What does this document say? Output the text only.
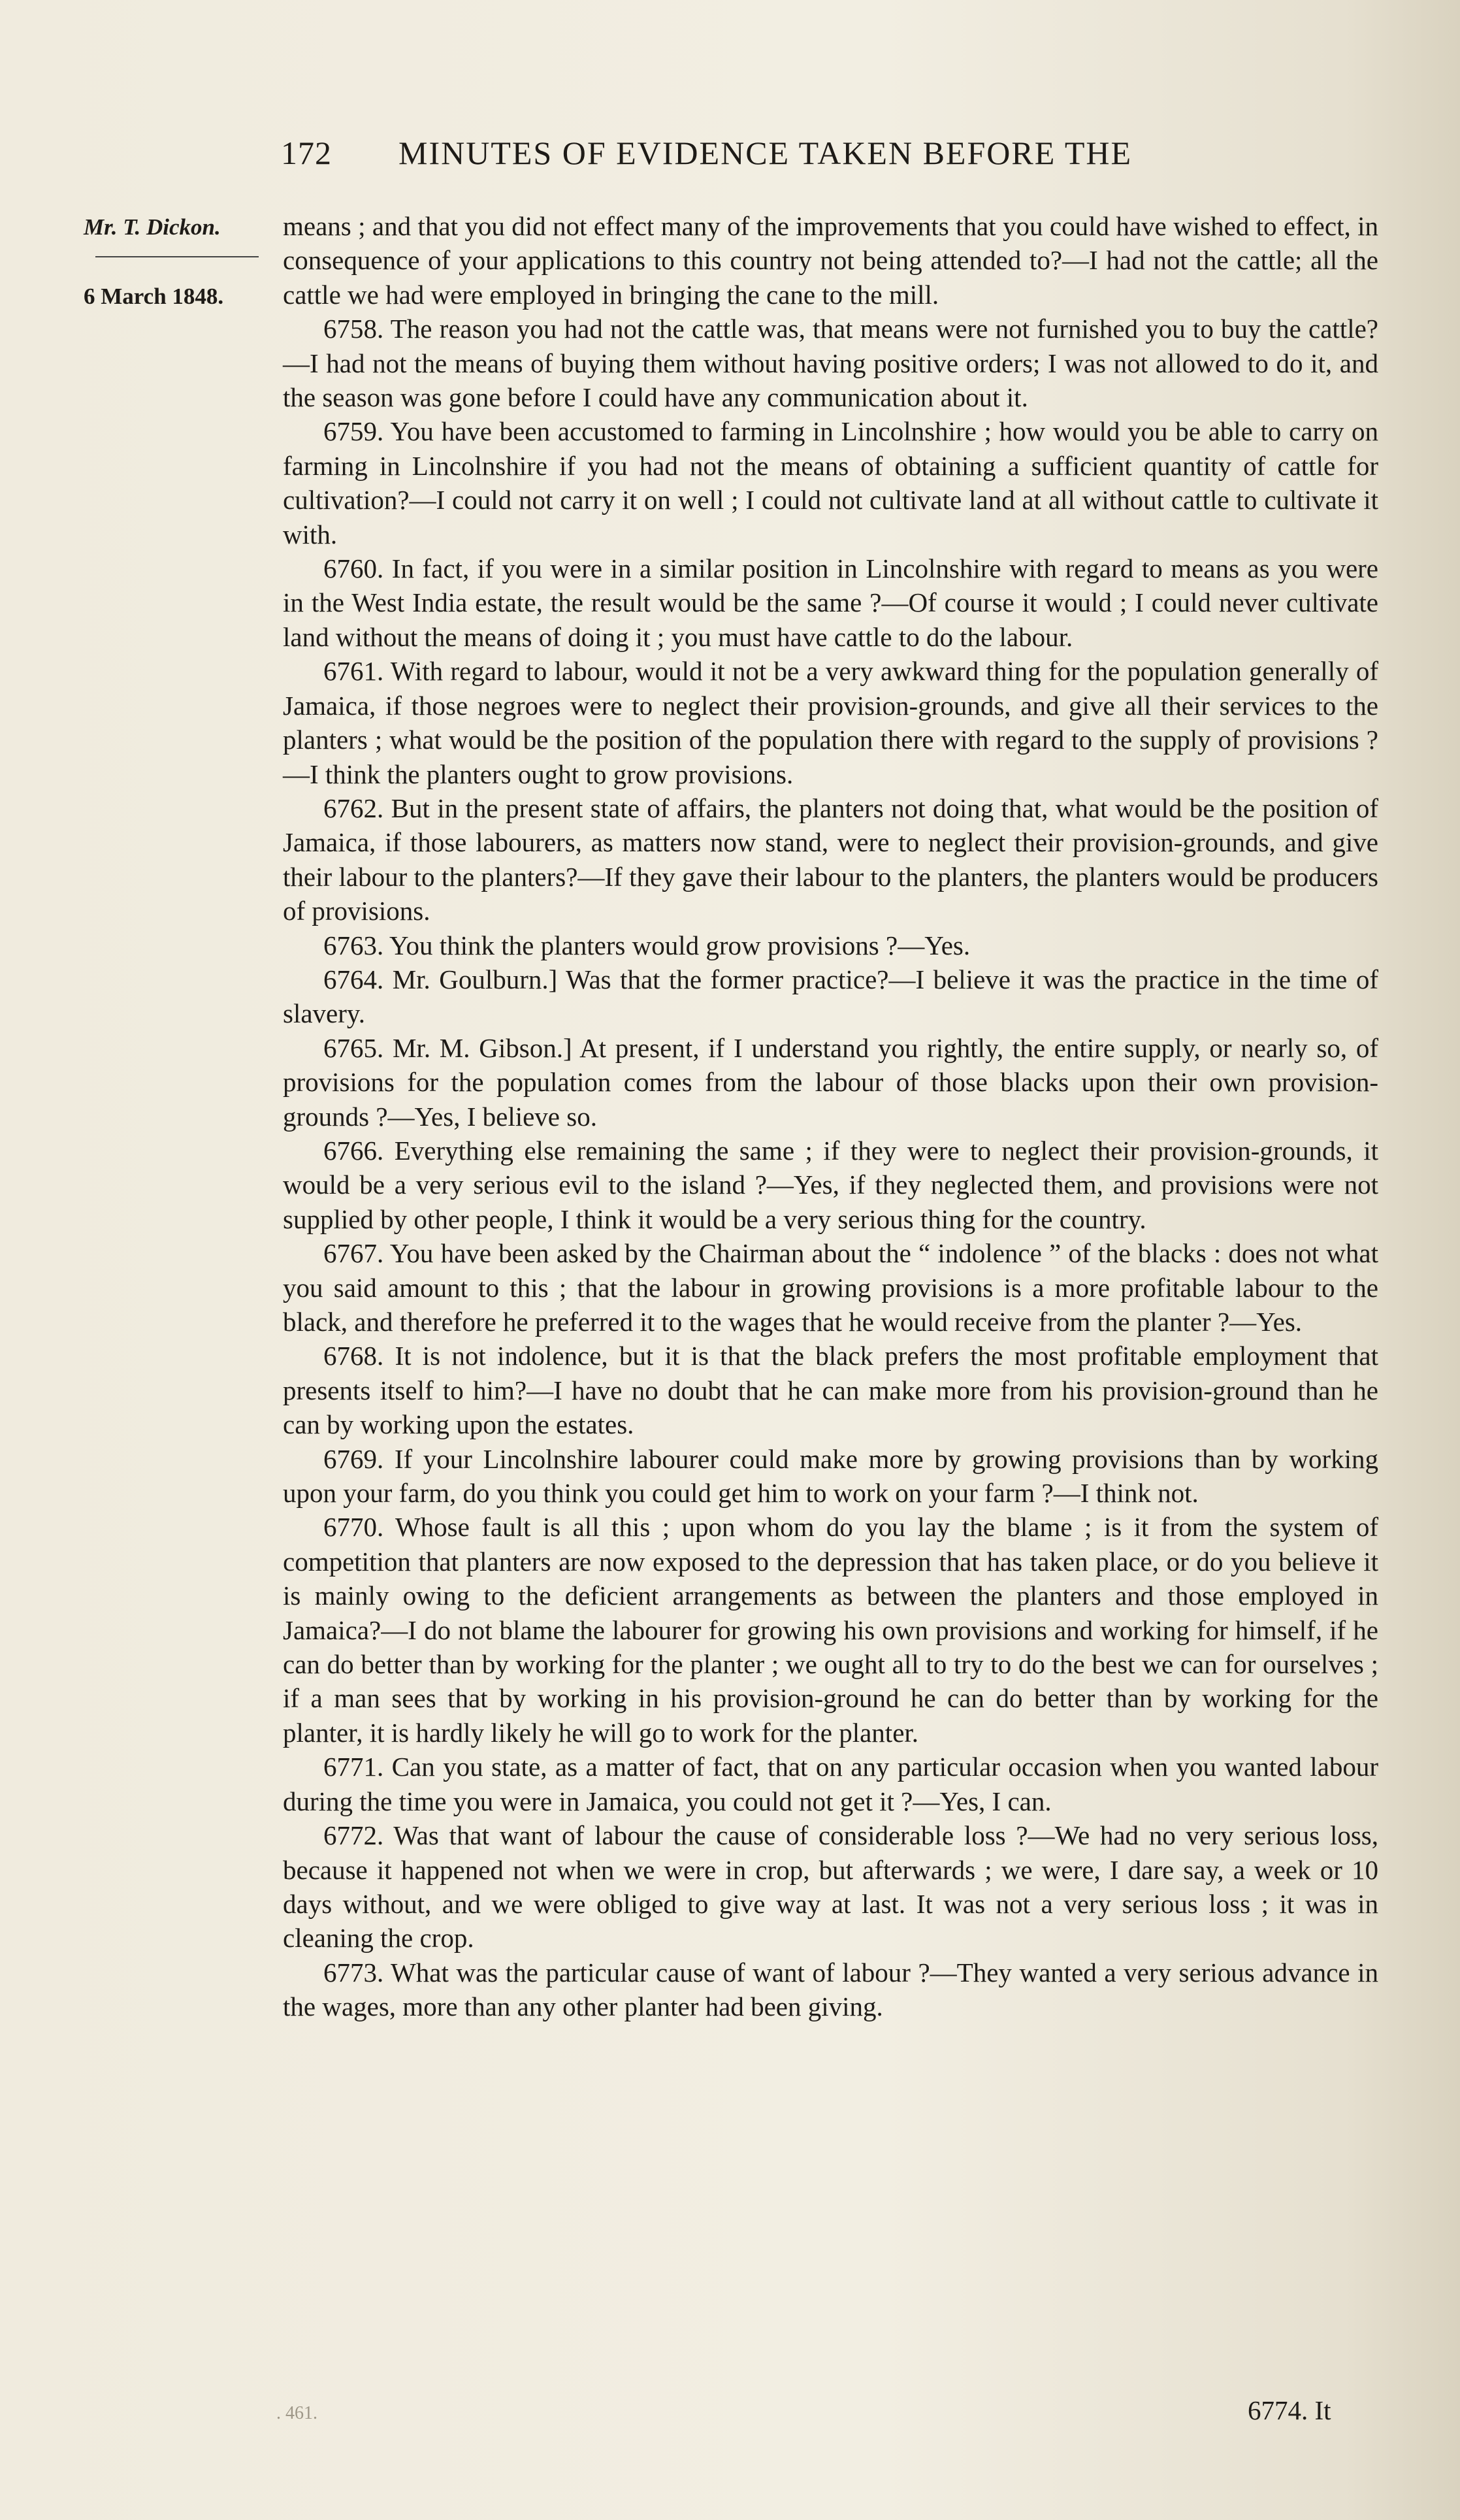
172 MINUTES OF EVIDENCE TAKEN BEFORE THE
Mr. T. Dickon.
6 March 1848.

means ; and that you did not effect many of the improvements that you could have wished to effect, in consequence of your applications to this country not being attended to?—I had not the cattle; all the cattle we had were employed in bringing the cane to the mill.

6758. The reason you had not the cattle was, that means were not furnished you to buy the cattle?—I had not the means of buying them without having positive orders; I was not allowed to do it, and the season was gone before I could have any communication about it.

6759. You have been accustomed to farming in Lincolnshire ; how would you be able to carry on farming in Lincolnshire if you had not the means of obtaining a sufficient quantity of cattle for cultivation?—I could not carry it on well ; I could not cultivate land at all without cattle to cultivate it with.

6760. In fact, if you were in a similar position in Lincolnshire with regard to means as you were in the West India estate, the result would be the same ?—Of course it would ; I could never cultivate land without the means of doing it ; you must have cattle to do the labour.

6761. With regard to labour, would it not be a very awkward thing for the population generally of Jamaica, if those negroes were to neglect their provision-grounds, and give all their services to the planters ; what would be the position of the population there with regard to the supply of provisions ?—I think the planters ought to grow provisions.

6762. But in the present state of affairs, the planters not doing that, what would be the position of Jamaica, if those labourers, as matters now stand, were to neglect their provision-grounds, and give their labour to the planters?—If they gave their labour to the planters, the planters would be producers of provisions.

6763. You think the planters would grow provisions ?—Yes.

6764. Mr. Goulburn.] Was that the former practice?—I believe it was the practice in the time of slavery.

6765. Mr. M. Gibson.] At present, if I understand you rightly, the entire supply, or nearly so, of provisions for the population comes from the labour of those blacks upon their own provision-grounds ?—Yes, I believe so.

6766. Everything else remaining the same ; if they were to neglect their provision-grounds, it would be a very serious evil to the island ?—Yes, if they neglected them, and provisions were not supplied by other people, I think it would be a very serious thing for the country.

6767. You have been asked by the Chairman about the “ indolence ” of the blacks : does not what you said amount to this ; that the labour in growing provisions is a more profitable labour to the black, and therefore he preferred it to the wages that he would receive from the planter ?—Yes.

6768. It is not indolence, but it is that the black prefers the most profitable employment that presents itself to him?—I have no doubt that he can make more from his provision-ground than he can by working upon the estates.

6769. If your Lincolnshire labourer could make more by growing provisions than by working upon your farm, do you think you could get him to work on your farm ?—I think not.

6770. Whose fault is all this ; upon whom do you lay the blame ; is it from the system of competition that planters are now exposed to the depression that has taken place, or do you believe it is mainly owing to the deficient arrangements as between the planters and those employed in Jamaica?—I do not blame the labourer for growing his own provisions and working for himself, if he can do better than by working for the planter ; we ought all to try to do the best we can for ourselves ; if a man sees that by working in his provision-ground he can do better than by working for the planter, it is hardly likely he will go to work for the planter.

6771. Can you state, as a matter of fact, that on any particular occasion when you wanted labour during the time you were in Jamaica, you could not get it ?—Yes, I can.

6772. Was that want of labour the cause of considerable loss ?—We had no very serious loss, because it happened not when we were in crop, but afterwards ; we were, I dare say, a week or 10 days without, and we were obliged to give way at last. It was not a very serious loss ; it was in cleaning the crop.

6773. What was the particular cause of want of labour ?—They wanted a very serious advance in the wages, more than any other planter had been giving.

. 461.	6774. It
